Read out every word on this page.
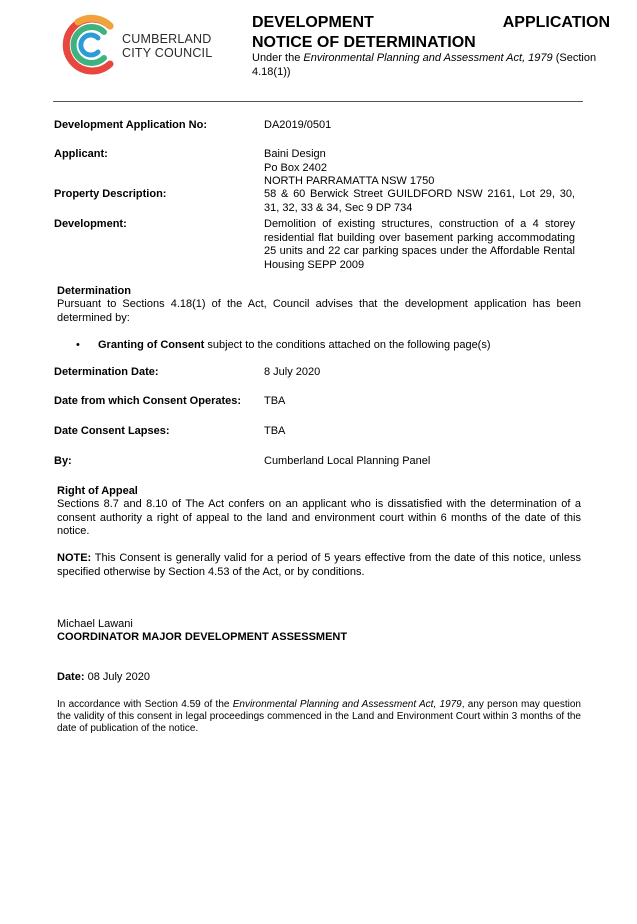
CUMBERLAND
CITY COUNCIL
DEVELOPMENT	APPLICATION
NOTICE OF DETERMINATION
Under the Environmental Planning and Assessment Act, 1979 (Section 4.18(1))
Development Application No:	DA2019/0501
Applicant:	Baini Design
Po Box 2402
NORTH PARRAMATTA NSW 1750
Property Description:	58 & 60 Berwick Street GUILDFORD NSW 2161, Lot 29, 30, 31, 32, 33 & 34, Sec 9 DP 734
Development:	Demolition of existing structures, construction of a 4 storey residential flat building over basement parking accommodating 25 units and 22 car parking spaces under the Affordable Rental Housing SEPP 2009
Determination
Pursuant to Sections 4.18(1) of the Act, Council advises that the development application has been determined by:
• Granting of Consent subject to the conditions attached on the following page(s)
Determination Date:	8 July 2020
Date from which Consent Operates: TBA
Date Consent Lapses:	TBA
By:	Cumberland Local Planning Panel
Right of Appeal
Sections 8.7 and 8.10 of The Act confers on an applicant who is dissatisfied with the determination of a consent authority a right of appeal to the land and environment court within 6 months of the date of this notice.
NOTE: This Consent is generally valid for a period of 5 years effective from the date of this notice, unless specified otherwise by Section 4.53 of the Act, or by conditions.
Michael Lawani
COORDINATOR MAJOR DEVELOPMENT ASSESSMENT
Date: 08 July 2020
In accordance with Section 4.59 of the Environmental Planning and Assessment Act, 1979, any person may question the validity of this consent in legal proceedings commenced in the Land and Environment Court within 3 months of the date of publication of the notice.
